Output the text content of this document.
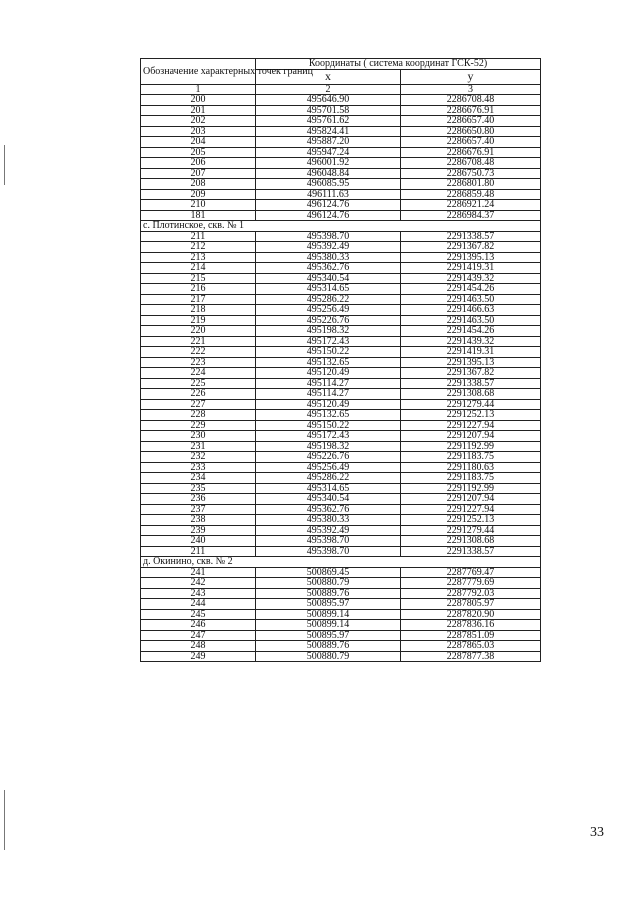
Обозначение характерных точек границ	Координаты ( система координат ГСК-52)	
	x	y
1	2	3
200	495646.90	2286708.48
201	495701.58	2286676.91
202	495761.62	2286657.40
203	495824.41	2286650.80
204	495887.20	2286657.40
205	495947.24	2286676.91
206	496001.92	2286708.48
207	496048.84	2286750.73
208	496085.95	2286801.80
209	496111.63	2286859.48
210	496124.76	2286921.24
181	496124.76	2286984.37
с. Плотинское, скв. № 1		
211	495398.70	2291338.57
212	495392.49	2291367.82
213	495380.33	2291395.13
214	495362.76	2291419.31
215	495340.54	2291439.32
216	495314.65	2291454.26
217	495286.22	2291463.50
218	495256.49	2291466.63
219	495226.76	2291463.50
220	495198.32	2291454.26
221	495172.43	2291439.32
222	495150.22	2291419.31
223	495132.65	2291395.13
224	495120.49	2291367.82
225	495114.27	2291338.57
226	495114.27	2291308.68
227	495120.49	2291279.44
228	495132.65	2291252.13
229	495150.22	2291227.94
230	495172.43	2291207.94
231	495198.32	2291192.99
232	495226.76	2291183.75
233	495256.49	2291180.63
234	495286.22	2291183.75
235	495314.65	2291192.99
236	495340.54	2291207.94
237	495362.76	2291227.94
238	495380.33	2291252.13
239	495392.49	2291279.44
240	495398.70	2291308.68
211	495398.70	2291338.57
д. Окинино, скв. № 2		
241	500869.45	2287769.47
242	500880.79	2287779.69
243	500889.76	2287792.03
244	500895.97	2287805.97
245	500899.14	2287820.90
246	500899.14	2287836.16
247	500895.97	2287851.09
248	500889.76	2287865.03
249	500880.79	2287877.38
33
